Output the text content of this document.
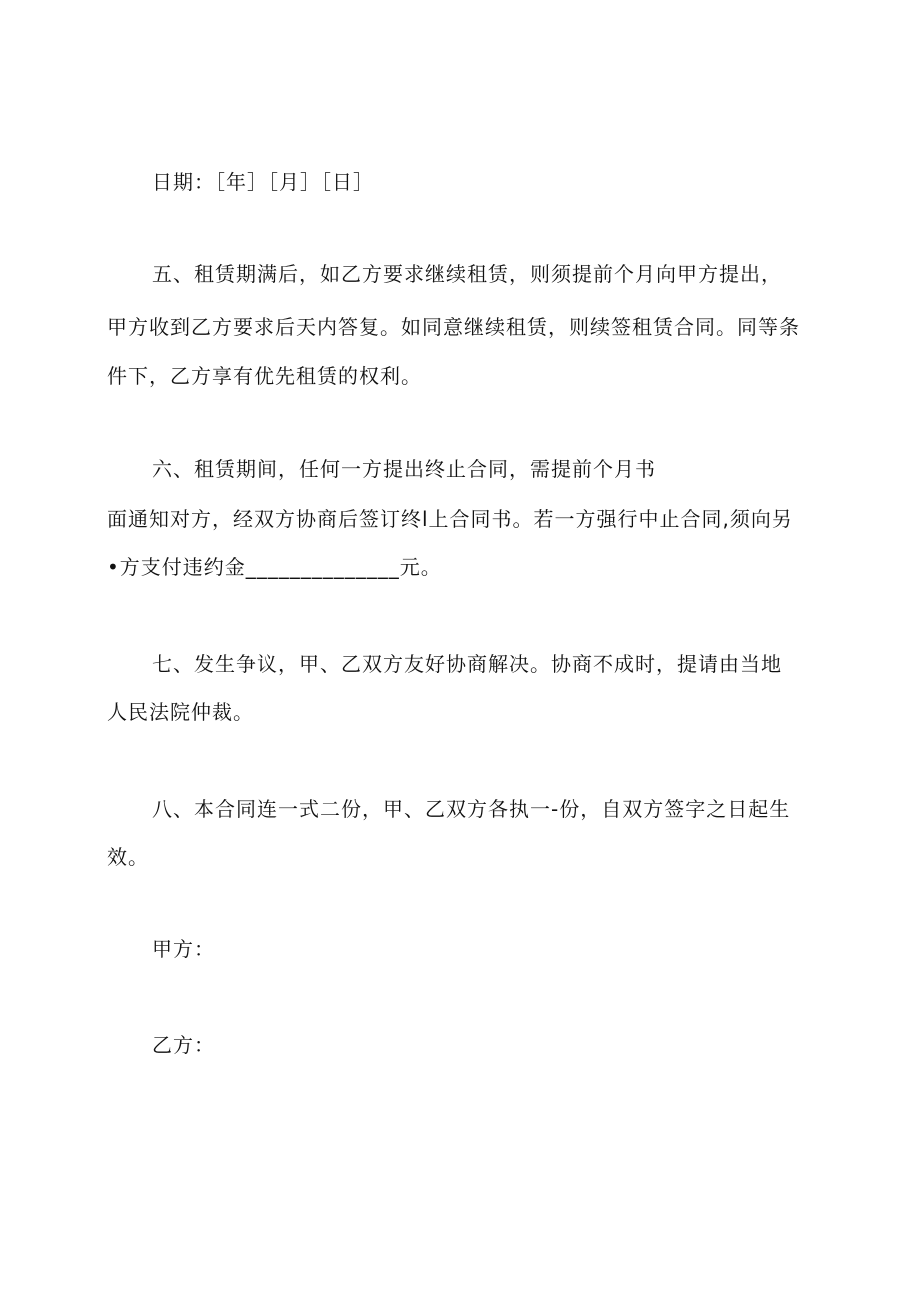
日期：［年］［月］［日］
五、租赁期满后，如乙方要求继续租赁，则须提前个月向甲方提出，
甲方收到乙方要求后天内答复。如同意继续租赁，则续签租赁合同。同等条
件下，乙方享有优先租赁的权利。
六、租赁期间，任何一方提出终止合同，需提前个月书
面通知对方，经双方协商后签订终l上合同书。若一方强行中止合同,须向另
•方支付违约金______________元。
七、发生争议，甲、乙双方友好协商解决。协商不成时，提请由当地
人民法院仲裁。
八、本合同连一式二份，甲、乙双方各执一-份，自双方签字之日起生
效。
甲方：
乙方：
